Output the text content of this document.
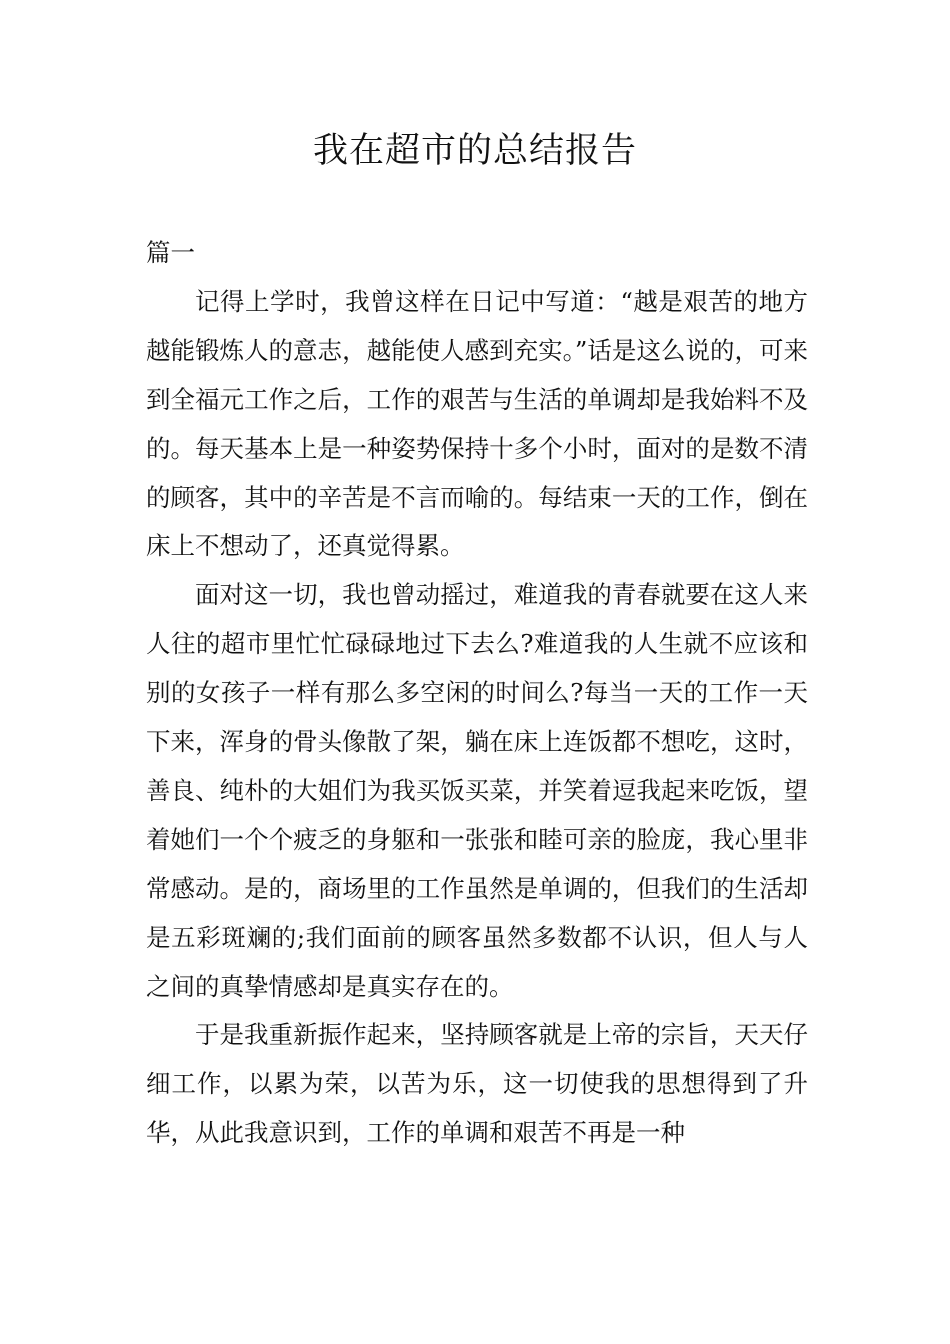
我在超市的总结报告

篇一

记得上学时，我曾这样在日记中写道：“越是艰苦的地方越能锻炼人的意志，越能使人感到充实。”话是这么说的，可来到全福元工作之后，工作的艰苦与生活的单调却是我始料不及的。每天基本上是一种姿势保持十多个小时，面对的是数不清的顾客，其中的辛苦是不言而喻的。每结束一天的工作，倒在床上不想动了，还真觉得累。

面对这一切，我也曾动摇过，难道我的青春就要在这人来人往的超市里忙忙碌碌地过下去么?难道我的人生就不应该和别的女孩子一样有那么多空闲的时间么?每当一天的工作一天下来，浑身的骨头像散了架，躺在床上连饭都不想吃，这时，善良、纯朴的大姐们为我买饭买菜，并笑着逗我起来吃饭，望着她们一个个疲乏的身躯和一张张和睦可亲的脸庞，我心里非常感动。是的，商场里的工作虽然是单调的，但我们的生活却是五彩斑斓的;我们面前的顾客虽然多数都不认识，但人与人之间的真挚情感却是真实存在的。

于是我重新振作起来，坚持顾客就是上帝的宗旨，天天仔细工作，以累为荣，以苦为乐，这一切使我的思想得到了升华，从此我意识到，工作的单调和艰苦不再是一种
